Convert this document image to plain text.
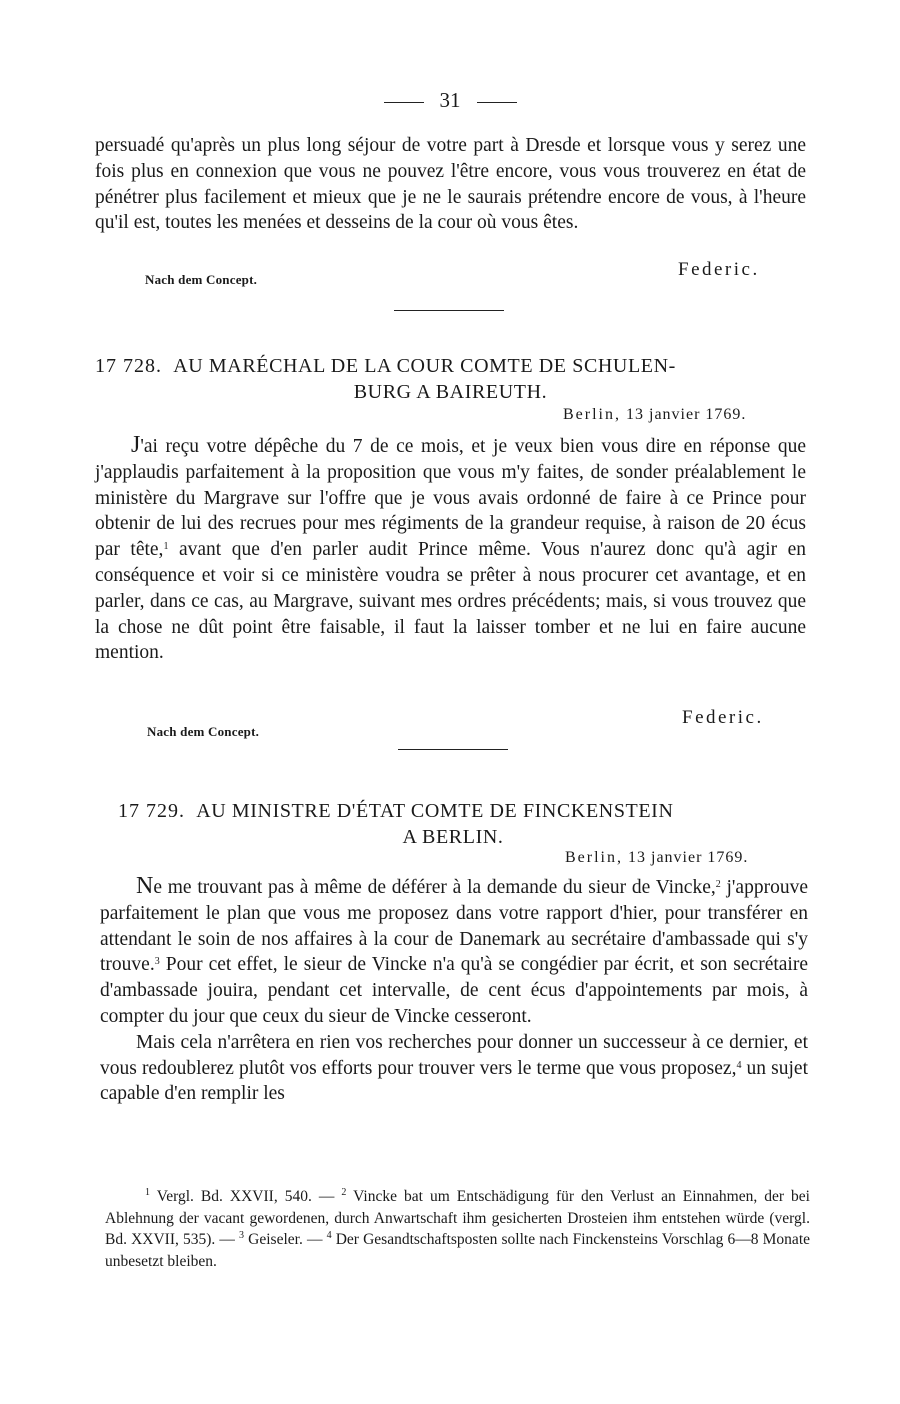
31

persuadé qu'après un plus long séjour de votre part à Dresde et lorsque vous y serez une fois plus en connexion que vous ne pouvez l'être encore, vous vous trouverez en état de pénétrer plus facilement et mieux que je ne le saurais prétendre encore de vous, à l'heure qu'il est, toutes les menées et desseins de la cour où vous êtes.

Nach dem Concept.	Federic.
17 728. AU MARÉCHAL DE LA COUR COMTE DE SCHULEN-
BURG A BAIREUTH.
Berlin, 13 janvier 1769.

J'ai reçu votre dépêche du 7 de ce mois, et je veux bien vous dire en réponse que j'applaudis parfaitement à la proposition que vous m'y faites, de sonder préalablement le ministère du Margrave sur l'offre que je vous avais ordonné de faire à ce Prince pour obtenir de lui des recrues pour mes régiments de la grandeur requise, à raison de 20 écus par tête,$^1$ avant que d'en parler audit Prince même. Vous n'aurez donc qu'à agir en conséquence et voir si ce ministère voudra se prêter à nous procurer cet avantage, et en parler, dans ce cas, au Margrave, suivant mes ordres précédents; mais, si vous trouvez que la chose ne dût point être faisable, il faut la laisser tomber et ne lui en faire aucune mention.

Nach dem Concept.
Federic.
17 729. AU MINISTRE D'ÉTAT COMTE DE FINCKENSTEIN
A BERLIN.
Berlin, 13 janvier 1769.

Ne me trouvant pas à même de déférer à la demande du sieur de Vincke,$^2$ j'approuve parfaitement le plan que vous me proposez dans votre rapport d'hier, pour transférer en attendant le soin de nos affaires à la cour de Danemark au secrétaire d'ambassade qui s'y trouve.$^3$ Pour cet effet, le sieur de Vincke n'a qu'à se congédier par écrit, et son secrétaire d'ambassade jouira, pendant cet intervalle, de cent écus d'appointements par mois, à compter du jour que ceux du sieur de Vincke cesseront.

Mais cela n'arrêtera en rien vos recherches pour donner un successeur à ce dernier, et vous redoublerez plutôt vos efforts pour trouver vers le terme que vous proposez,$^4$ un sujet capable d'en remplir les

$^1$ Vergl. Bd. XXVII, 540. — $^2$ Vincke bat um Entschädigung für den Verlust an Einnahmen, der bei Ablehnung der vacant gewordenen, durch Anwartschaft ihm gesicherten Drosteien ihm entstehen würde (vergl. Bd. XXVII, 535). — $^3$ Geiseler. — $^4$ Der Gesandtschaftsposten sollte nach Finckensteins Vorschlag 6—8 Monate unbesetzt bleiben.
